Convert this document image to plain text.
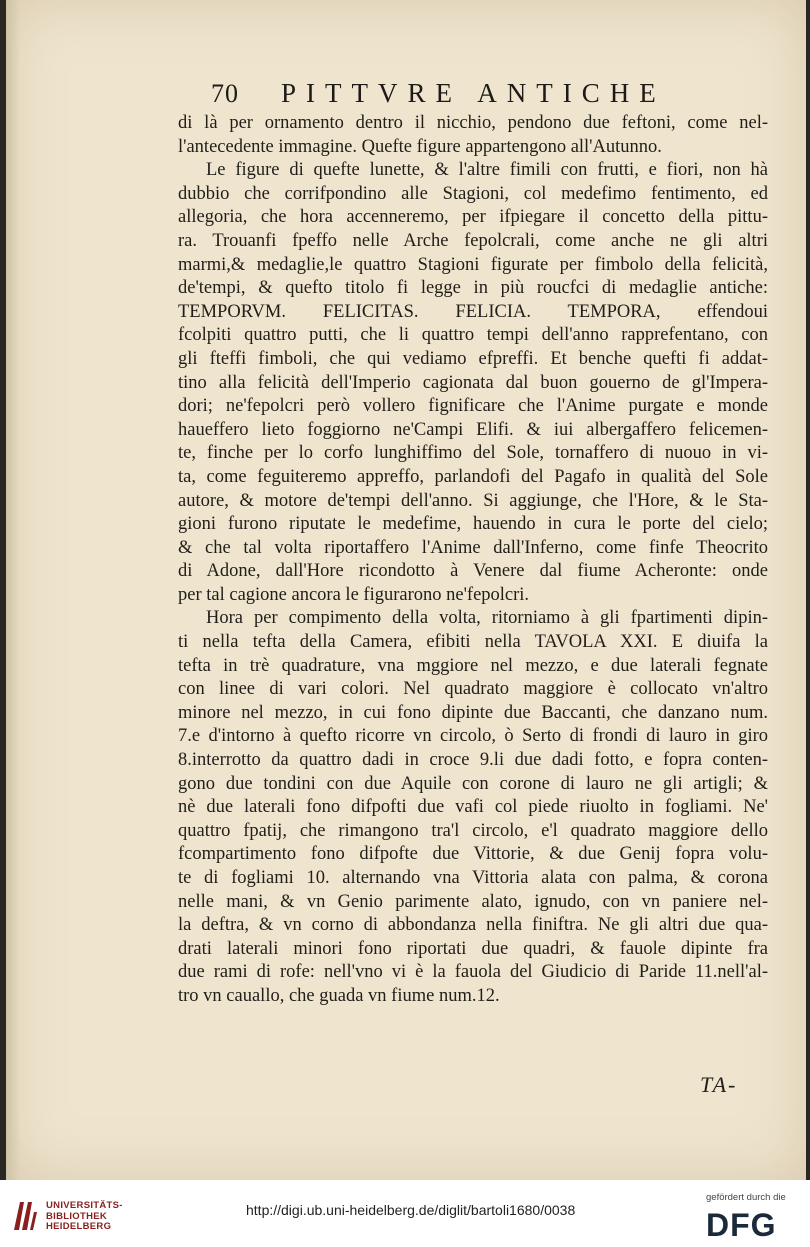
70 PITTVRE ANTICHE
di là per ornamento dentro il nicchio, pendono due feftoni, come nel-
l'antecedente immagine. Quefte figure appartengono all'Autunno.
Le figure di quefte lunette, & l'altre fimili con frutti, e fiori, non hà
dubbio che corrifpondino alle Stagioni, col medefimo fentimento, ed
allegoria, che hora accenneremo, per ifpiegare il concetto della pittu-
ra. Trouanfi fpeffo nelle Arche fepolcrali, come anche ne gli altri
marmi,& medaglie,le quattro Stagioni figurate per fimbolo della felicità,
de'tempi, & quefto titolo fi legge in più roucfci di medaglie antiche:
TEMPORVM. FELICITAS. FELICIA. TEMPORA, effendoui
fcolpiti quattro putti, che li quattro tempi dell'anno rapprefentano, con
gli fteffi fimboli, che qui vediamo efpreffi. Et benche quefti fi addat-
tino alla felicità dell'Imperio cagionata dal buon gouerno de gl'Impera-
dori; ne'fepolcri però vollero fignificare che l'Anime purgate e monde
haueffero lieto foggiorno ne'Campi Elifi. & iui albergaffero felicemen-
te, finche per lo corfo lunghiffimo del Sole, tornaffero di nuouo in vi-
ta, come feguiteremo appreffo, parlandofi del Pagafo in qualità del Sole
autore, & motore de'tempi dell'anno. Si aggiunge, che l'Hore, & le Sta-
gioni furono riputate le medefime, hauendo in cura le porte del cielo;
& che tal volta riportaffero l'Anime dall'Inferno, come finfe Theocrito
di Adone, dall'Hore ricondotto à Venere dal fiume Acheronte: onde
per tal cagione ancora le figurarono ne'fepolcri.
Hora per compimento della volta, ritorniamo à gli fpartimenti dipin-
ti nella tefta della Camera, efibiti nella TAVOLA XXI. E diuifa la
tefta in trè quadrature, vna mggiore nel mezzo, e due laterali fegnate
con linee di vari colori. Nel quadrato maggiore è collocato vn'altro
minore nel mezzo, in cui fono dipinte due Baccanti, che danzano num.
7.e d'intorno à quefto ricorre vn circolo, ò Serto di frondi di lauro in giro
8.interrotto da quattro dadi in croce 9.li due dadi fotto, e fopra conten-
gono due tondini con due Aquile con corone di lauro ne gli artigli; &
nè due laterali fono difpofti due vafi col piede riuolto in fogliami. Ne'
quattro fpatij, che rimangono tra'l circolo, e'l quadrato maggiore dello
fcompartimento fono difpofte due Vittorie, & due Genij fopra volu-
te di fogliami 10. alternando vna Vittoria alata con palma, & corona
nelle mani, & vn Genio parimente alato, ignudo, con vn paniere nel-
la deftra, & vn corno di abbondanza nella finiftra. Ne gli altri due qua-
drati laterali minori fono riportati due quadri, & fauole dipinte fra
due rami di rofe: nell'vno vi è la fauola del Giudicio di Paride 11.nell'al-
tro vn cauallo, che guada vn fiume num.12.
TA-
UNIVERSITÄTS-
BIBLIOTHEK
HEIDELBERG
http://digi.ub.uni-heidelberg.de/diglit/bartoli1680/0038
gefördert durch die
DFG
